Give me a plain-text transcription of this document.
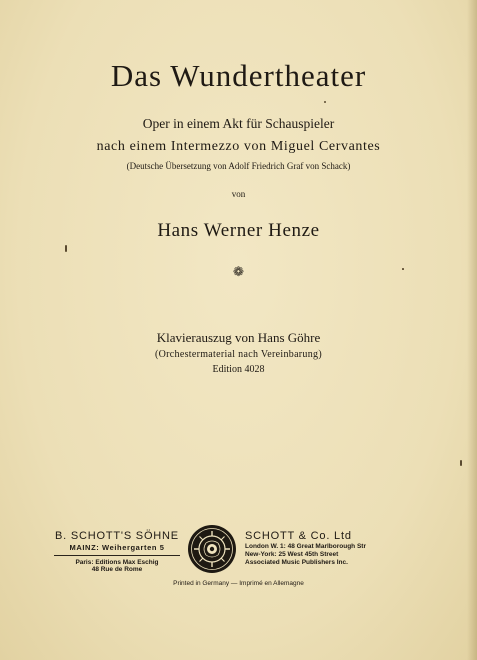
Das Wundertheater
Oper in einem Akt für Schauspieler
nach einem Intermezzo von Miguel Cervantes
(Deutsche Übersetzung von Adolf Friedrich Graf von Schack)
von
Hans Werner Henze
❁
Klavierauszug von Hans Göhre
(Orchestermaterial nach Vereinbarung)
Edition 4028
B. SCHOTT'S SÖHNE
MAINZ: Weihergarten 5
Paris: Editions Max Eschig
48 Rue de Rome
SCHOTT & Co. Ltd
London W. 1: 48 Great Marlborough Str
New-York: 25 West 45th Street
Associated Music Publishers Inc.
Printed in Germany — Imprimé en Allemagne
